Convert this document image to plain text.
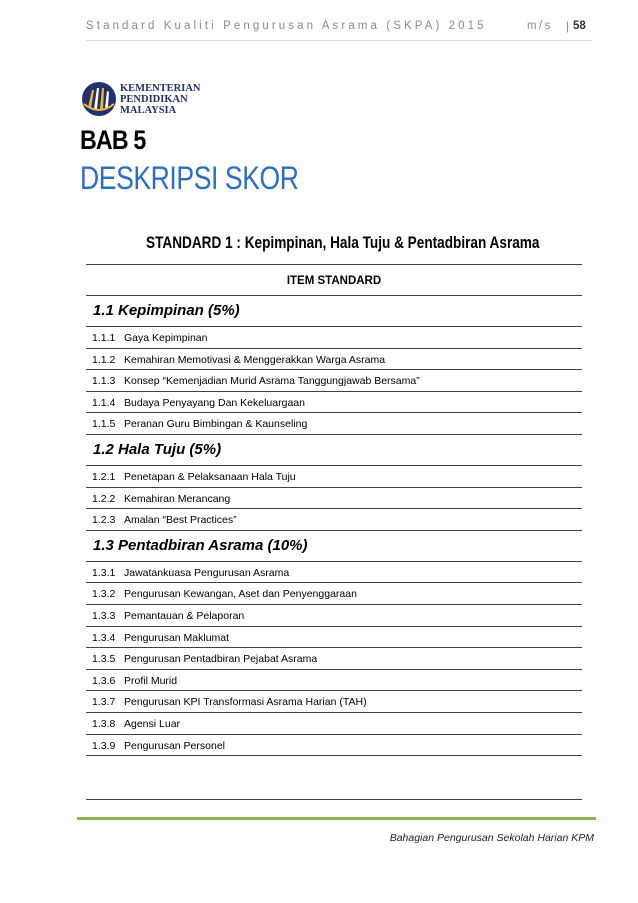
Standard Kualiti Pengurusan Asrama (SKPA) 2015	m/s | 58
KEMENTERIAN
PENDIDIKAN
MALAYSIA
BAB 5
DESKRIPSI SKOR
STANDARD 1 : Kepimpinan, Hala Tuju & Pentadbiran Asrama
ITEM STANDARD
1.1 Kepimpinan (5%)
1.1.1 Gaya Kepimpinan
1.1.2 Kemahiran Memotivasi & Menggerakkan Warga Asrama
1.1.3 Konsep “Kemenjadian Murid Asrama Tanggungjawab Bersama”
1.1.4 Budaya Penyayang Dan Kekeluargaan
1.1.5 Peranan Guru Bimbingan & Kaunseling
1.2 Hala Tuju (5%)
1.2.1 Penetapan & Pelaksanaan Hala Tuju
1.2.2 Kemahiran Merancang
1.2.3 Amalan “Best Practices”
1.3 Pentadbiran Asrama (10%)
1.3.1 Jawatankuasa Pengurusan Asrama
1.3.2 Pengurusan Kewangan, Aset dan Penyenggaraan
1.3.3 Pemantauan & Pelaporan
1.3.4 Pengurusan Maklumat
1.3.5 Pengurusan Pentadbiran Pejabat Asrama
1.3.6 Profil Murid
1.3.7 Pengurusan KPI Transformasi Asrama Harian (TAH)
1.3.8 Agensi Luar
1.3.9 Pengurusan Personel
Bahagian Pengurusan Sekolah Harian KPM
